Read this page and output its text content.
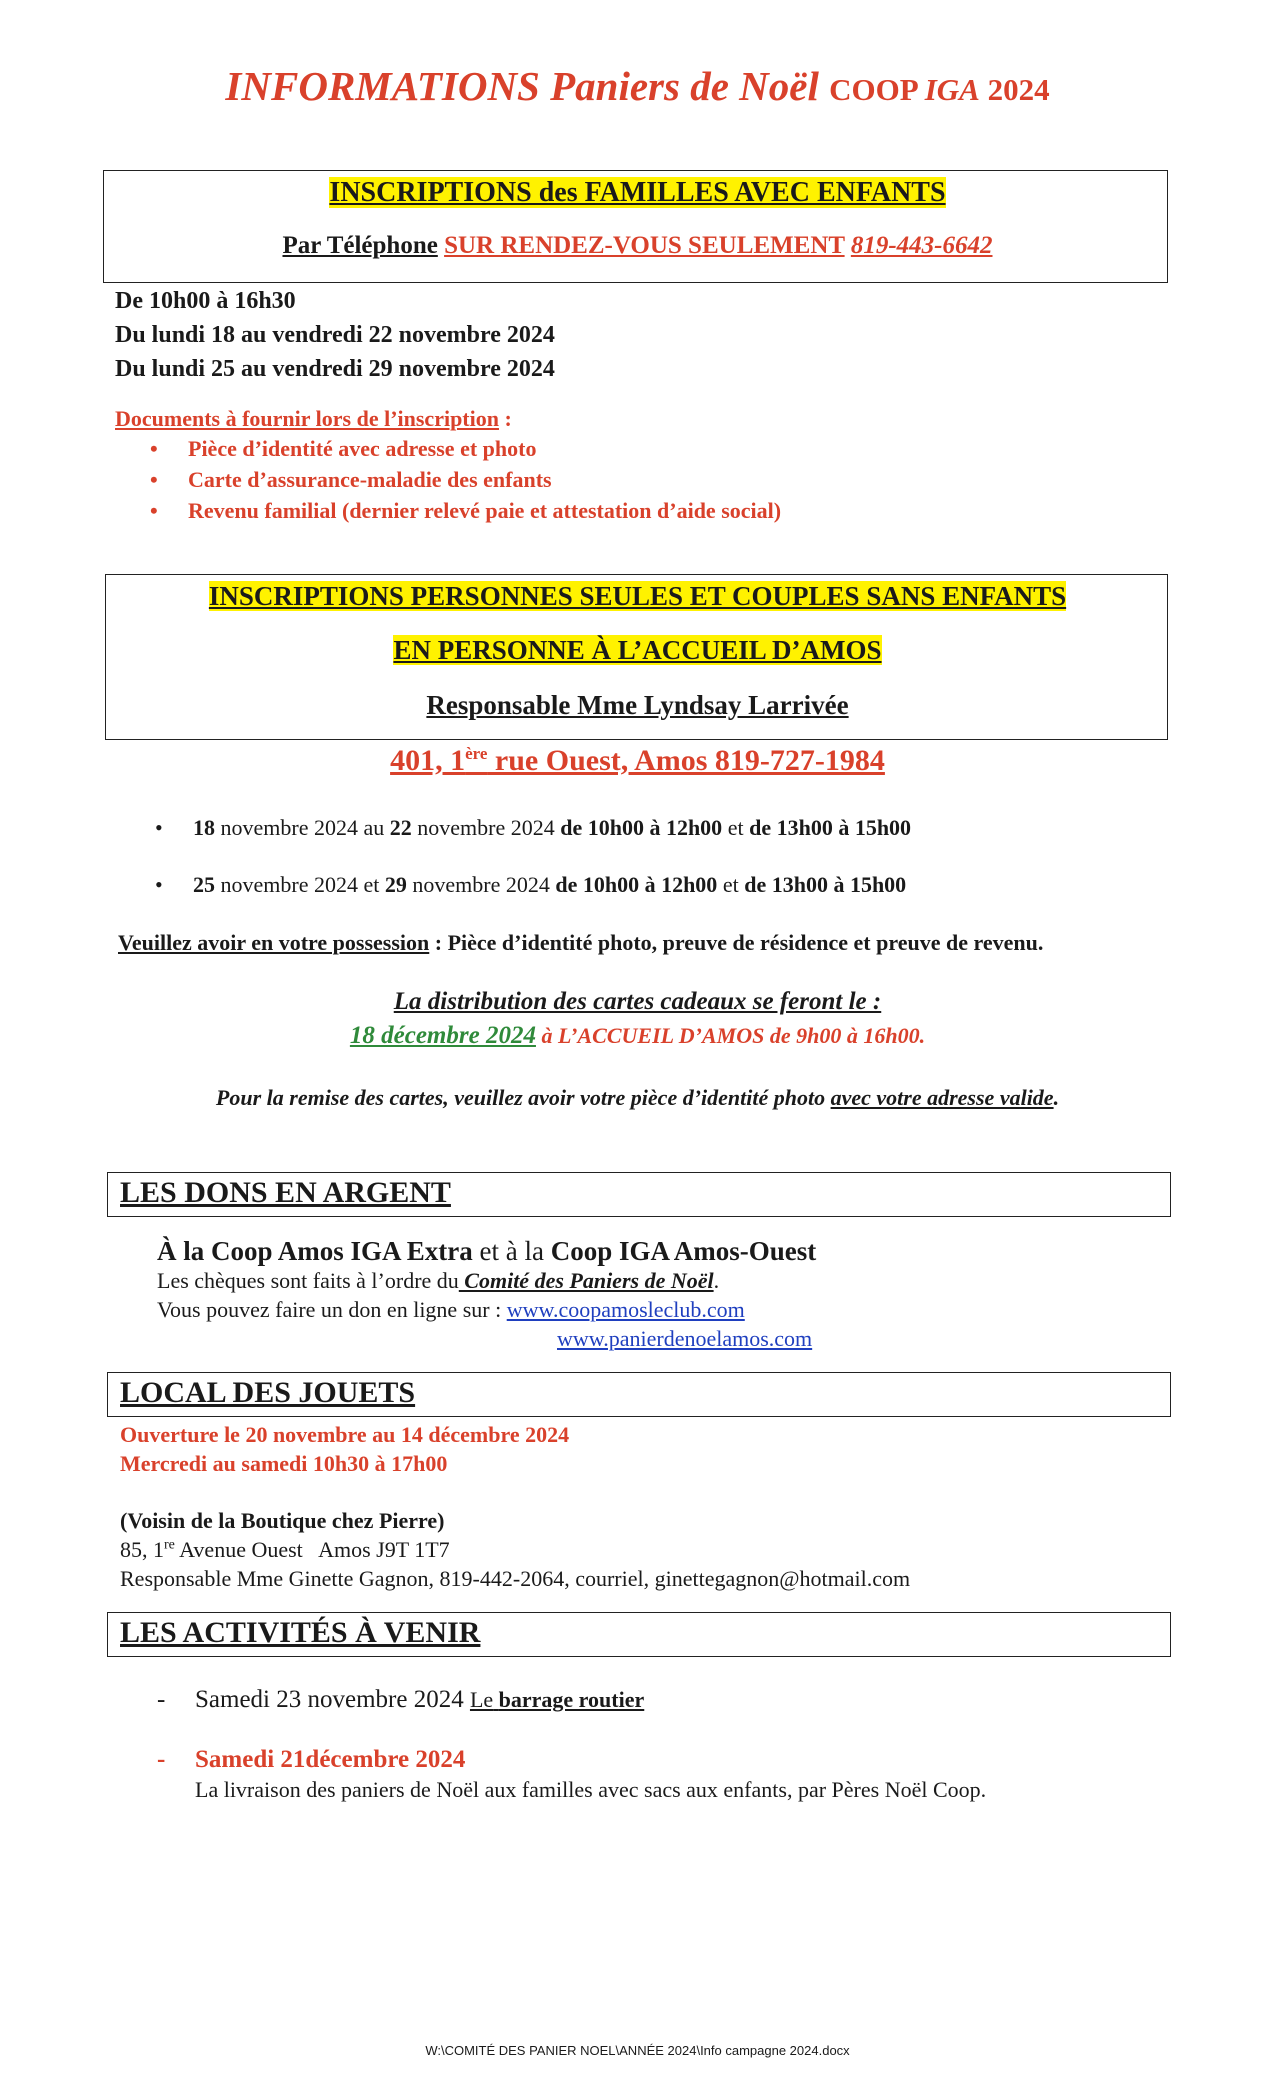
INFORMATIONS Paniers de Noël COOP IGA 2024
INSCRIPTIONS des FAMILLES AVEC ENFANTS
Par Téléphone SUR RENDEZ-VOUS SEULEMENT 819-443-6642
De 10h00 à 16h30
Du lundi 18 au vendredi 22 novembre 2024
Du lundi 25 au vendredi 29 novembre 2024
Documents à fournir lors de l’inscription :
• Pièce d’identité avec adresse et photo
• Carte d’assurance-maladie des enfants
• Revenu familial (dernier relevé paie et attestation d’aide social)
INSCRIPTIONS PERSONNES SEULES ET COUPLES SANS ENFANTS
EN PERSONNE À L’ACCUEIL D’AMOS
Responsable Mme Lyndsay Larrivée
401, 1ère rue Ouest, Amos 819-727-1984
• 18 novembre 2024 au 22 novembre 2024 de 10h00 à 12h00 et de 13h00 à 15h00
• 25 novembre 2024 et 29 novembre 2024 de 10h00 à 12h00 et de 13h00 à 15h00
Veuillez avoir en votre possession : Pièce d’identité photo, preuve de résidence et preuve de revenu.
La distribution des cartes cadeaux se feront le :
18 décembre 2024 à L’ACCUEIL D’AMOS de 9h00 à 16h00.
Pour la remise des cartes, veuillez avoir votre pièce d’identité photo avec votre adresse valide.
LES DONS EN ARGENT
À la Coop Amos IGA Extra et à la Coop IGA Amos-Ouest
Les chèques sont faits à l’ordre du Comité des Paniers de Noël.
Vous pouvez faire un don en ligne sur : www.coopamosleclub.com
www.panierdenoelamos.com
LOCAL DES JOUETS
Ouverture le 20 novembre au 14 décembre 2024
Mercredi au samedi 10h30 à 17h00
(Voisin de la Boutique chez Pierre)
85, 1re Avenue Ouest   Amos J9T 1T7
Responsable Mme Ginette Gagnon, 819-442-2064, courriel, ginettegagnon@hotmail.com
LES ACTIVITÉS À VENIR
- Samedi 23 novembre 2024 Le barrage routier
- Samedi 21décembre 2024
La livraison des paniers de Noël aux familles avec sacs aux enfants, par Pères Noël Coop.
W:\COMITÉ DES PANIER NOEL\ANNÉE 2024\Info campagne 2024.docx
